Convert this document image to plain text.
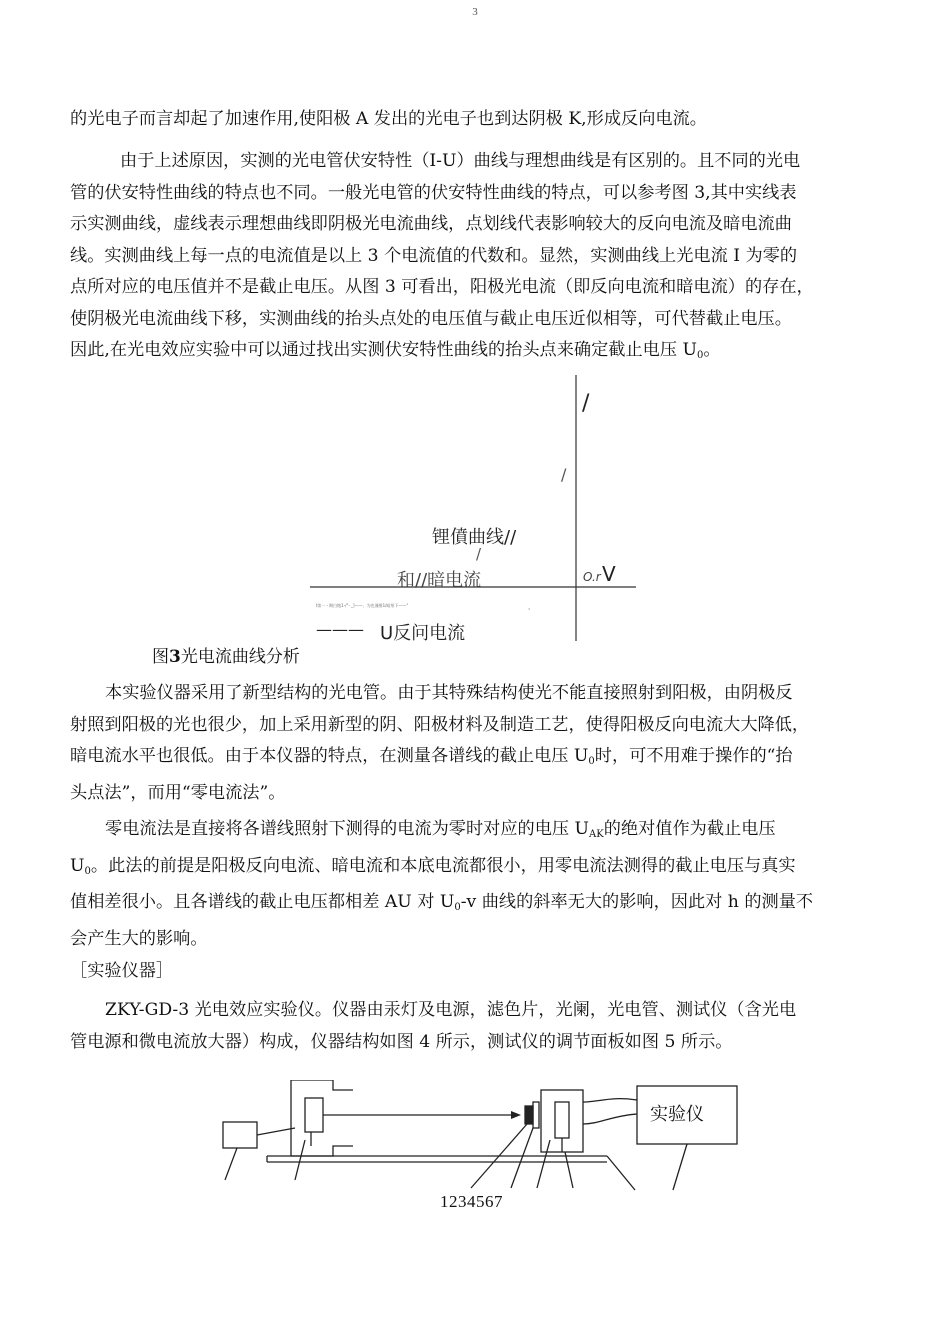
3
的光电子而言却起了加速作用,使阳极 A 发出的光电子也到达阴极 K,形成反向电流。
由于上述原因，实测的光电管伏安特性（I-U）曲线与理想曲线是有区别的。且不同的光电
管的伏安特性曲线的特点也不同。一般光电管的伏安特性曲线的特点，可以参考图 3,其中实线表
示实测曲线，虚线表示理想曲线即阴极光电流曲线，点划线代表影响较大的反向电流及暗电流曲
线。实测曲线上每一点的电流值是以上 3 个电流值的代数和。显然，实测曲线上光电流 I 为零的
点所对应的电压值并不是截止电压。从图 3 可看出，阳极光电流（即反向电流和暗电流）的存在，
使阴极光电流曲线下移，实测曲线的抬头点处的电压值与截止电压近似相等，可代替截止电压。
因此,在光电效应实验中可以通过找出实测伏安特性曲线的抬头点来确定截止电压 $U_0$。
/
/
锂僨曲线//
/
和//暗电流	O.r V
I第一 - 期白饱1-/"- _]——、为也谨惟1/暗彤下——"
'
——— U反问电流
图3光电流曲线分析
本实验仪器采用了新型结构的光电管。由于其特殊结构使光不能直接照射到阳极，由阴极反
射照到阳极的光也很少，加上采用新型的阴、阳极材料及制造工艺，使得阳极反向电流大大降低，
暗电流水平也很低。由于本仪器的特点，在测量各谱线的截止电压 $U_0$时，可不用难于操作的“抬
头点法”，而用“零电流法”。
零电流法是直接将各谱线照射下测得的电流为零时对应的电压 $U_{AK}$的绝对值作为截止电压
$U_0$。此法的前提是阳极反向电流、暗电流和本底电流都很小，用零电流法测得的截止电压与真实
值相差很小。且各谱线的截止电压都相差 AU 对 $U_0-v$ 曲线的斜率无大的影响，因此对 h 的测量不
会产生大的影响。
［实验仪器］
ZKY-GD-3 光电效应实验仪。仪器由汞灯及电源，滤色片，光阑，光电管、测试仪（含光电
管电源和微电流放大器）构成，仪器结构如图 4 所示，测试仪的调节面板如图 5 所示。
实验仪
1234567
